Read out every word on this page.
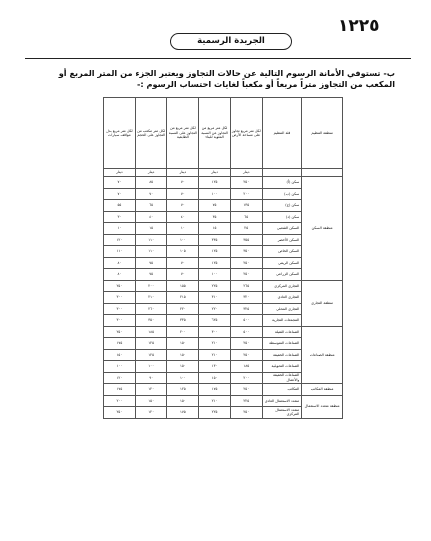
١٢٢٥
الجريدة الرسمية

ب- تستوفي الأمانة الرسوم التالية عن حالات التجاوز ويعتبر الجزء من المتر المربع أو

المكعب من التجاوز متراً مربعاً أو مكعباً لغايات احتساب الرسوم :-

منطقة التنظيم	فئة التنظيم	لكل متر مربع تجاوز على مساحة الأرض	لكل متر مربع من التجاوز عن النسبة المئوية للبناء	لكل متر مربع من التجاوز على النسبة الطابقية	لكل متر مكعب من التجاوز على الحجم	لكل متر مربع بدل مواقف سيارات
		دينار	دينار	دينار	دينار	دينار
منطقة السكن	سكن (أ)	٢٥٠	١٢٥	٧٠	٨٥	٧٠
	سكن (ب)	٢٠٠	١٠٠	٧٠	٧٠	٧٠
	سكن (ج)	١٣٥	٧٥	٧٠	٦٥	٥٥
	سكن (د)	٦٥	٣٥	٤٠	٤٠	٣٠
	السكن الشعبي	٢٥	١٥	١٠	١٥	١٠
	السكن الأخضر	٣٥٥	٣٣٥	١٠٠	١١٠	١٢٠
	السكن الخاص	٣٥٠	١٢٥	١٠٥	١١٠	١١٠
	السكن الريفي	٢٥٠	١٢٥	٧٠	٧٥	٨٠
	السكن الزراعي	٢٥٠	١٠٠	٧٠	٧٥	٨٠
منطقة التجاري	التجاري المركزي	٢٦٥	٢٢٥	١٥٥	٢٠٠	٢٥٠
	التجاري العادي	٣٢٠	٣١٠	٢١٥	٢١٠	٣٠٠
	التجاري المحلي	٣٢٥	٢٢٠	٢٢٠	٢٦٠	٣٠٠
	المجمعات التجارية	٥٠٠	٦٢٥	٣٣٥	٣٥٠	٣٠٠
منطقة الصناعات	الصناعات الثقيلة	٥٠٠	٣٠٠	٢٠٠	١٨٥	٢٥٠
	الصناعات المتوسطة	٢٥٠	٢١٠	١٥٠	١٢٥	١٧٥
	الصناعات الخفيفة	٢٥٠	٢١٠	١٥٠	١٢٥	١٥٠
	الصناعات التحويلية	١٨٥	١٣٠	١٥٠	١٠٠	١٠٠
	الصناعات الخفيفة والأعمال	٢٠٠	١٥٠	١٠٠	٩٠	١٢٠
منطقة المكاتب	المكاتب	٢٥٠	١٧٥	١٢٥	١٢٠	١٧٥
منطقة متعدد الاستعمال	متعدد الاستعمال العادي	٢٢٥	٢١٠	١٥٠	١٥٠	٢٠٠
	متعدد الاستعمال المركزي	٢٥٠	٢٢٥	١٧٥	١٢٠	٢٥٠
